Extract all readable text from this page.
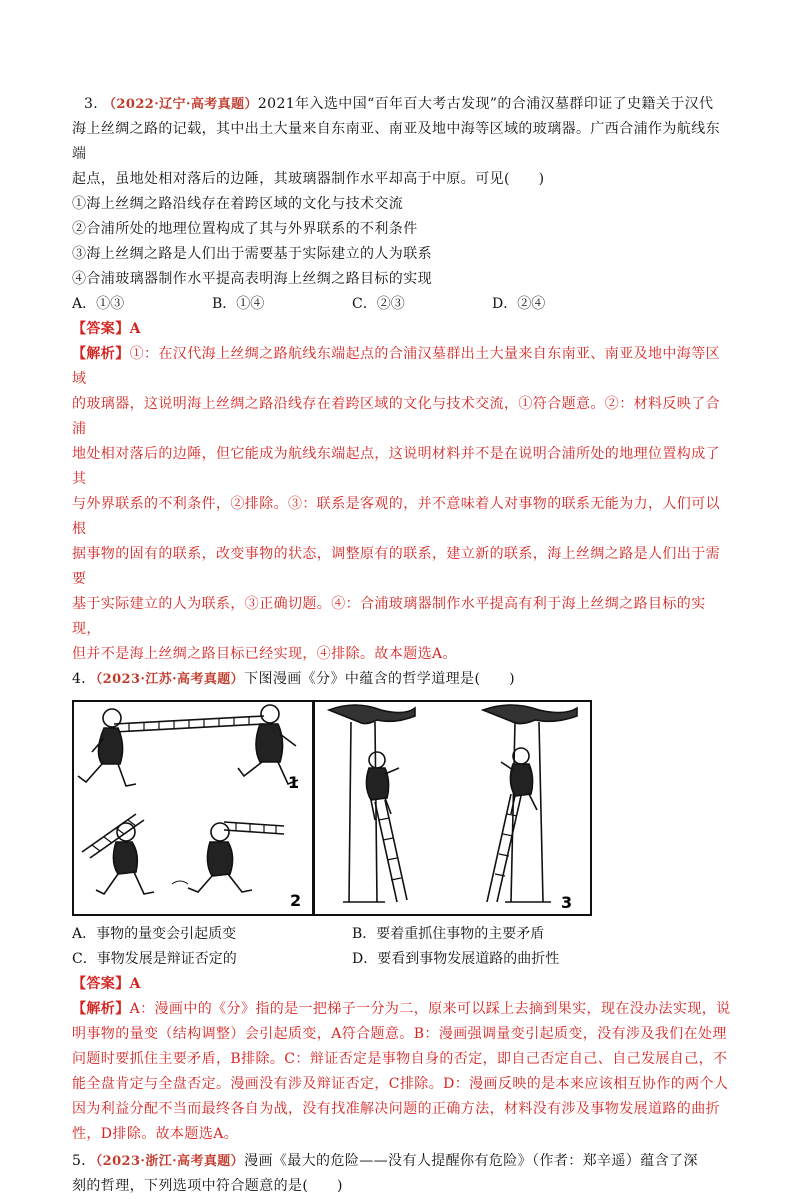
3. （2022·辽宁·高考真题）2021年入选中国“百年百大考古发现”的合浦汉墓群印证了史籍关于汉代

海上丝绸之路的记载，其中出土大量来自东南亚、南亚及地中海等区域的玻璃器。广西合浦作为航线东端

起点，虽地处相对落后的边陲，其玻璃器制作水平却高于中原。可见(　　)

①海上丝绸之路沿线存在着跨区域的文化与技术交流

②合浦所处的地理位置构成了其与外界联系的不利条件

③海上丝绸之路是人们出于需要基于实际建立的人为联系

④合浦玻璃器制作水平提高表明海上丝绸之路目标的实现

A．①③	B．①④	C．②③	D．②④

【答案】A

【解析】①：在汉代海上丝绸之路航线东端起点的合浦汉墓群出土大量来自东南亚、南亚及地中海等区域

的玻璃器，这说明海上丝绸之路沿线存在着跨区域的文化与技术交流，①符合题意。②：材料反映了合浦

地处相对落后的边陲，但它能成为航线东端起点，这说明材料并不是在说明合浦所处的地理位置构成了其

与外界联系的不利条件，②排除。③：联系是客观的，并不意味着人对事物的联系无能为力，人们可以根

据事物的固有的联系，改变事物的状态，调整原有的联系，建立新的联系，海上丝绸之路是人们出于需要

基于实际建立的人为联系，③正确切题。④：合浦玻璃器制作水平提高有利于海上丝绸之路目标的实现，

但并不是海上丝绸之路目标已经实现，④排除。故本题选A。

4．（2023·江苏·高考真题）下图漫画《分》中蕴含的哲学道理是(　　)

1
2	3
A．事物的量变会引起质变	B．要着重抓住事物的主要矛盾
C．事物发展是辩证否定的	D．要看到事物发展道路的曲折性

【答案】A

【解析】A：漫画中的《分》指的是一把梯子一分为二，原来可以踩上去摘到果实，现在没办法实现，说

明事物的量变（结构调整）会引起质变，A符合题意。B：漫画强调量变引起质变，没有涉及我们在处理

问题时要抓住主要矛盾，B排除。C：辩证否定是事物自身的否定，即自己否定自己、自己发展自己，不

能全盘肯定与全盘否定。漫画没有涉及辩证否定，C排除。D：漫画反映的是本来应该相互协作的两个人

因为利益分配不当而最终各自为战，没有找准解决问题的正确方法，材料没有涉及事物发展道路的曲折

性，D排除。故本题选A。

5．（2023·浙江·高考真题）漫画《最大的危险——没有人提醒你有危险》（作者：郑辛遥）蕴含了深

刻的哲理，下列选项中符合题意的是(　　)
